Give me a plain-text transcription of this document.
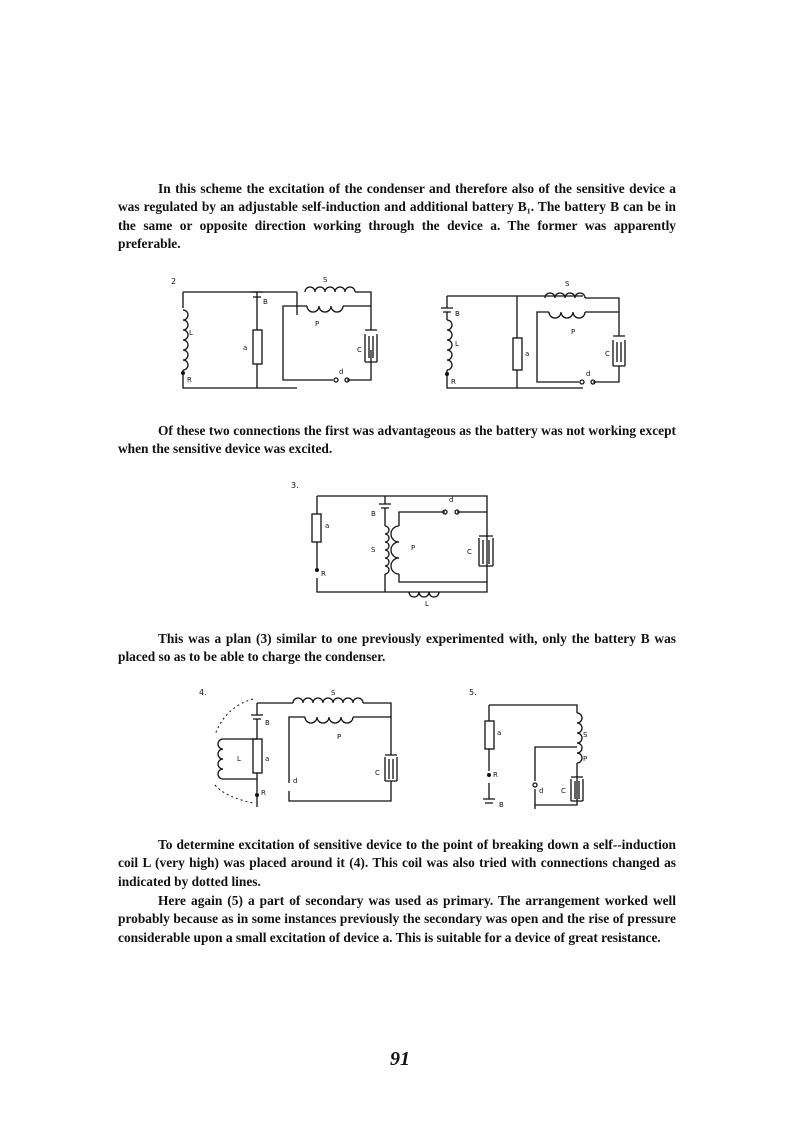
In this scheme the excitation of the condenser and therefore also of the sensitive device a was regulated by an adjustable self-induction and additional battery B₁. The battery B can be in the same or opposite direction working through the device a. The former was apparently preferable.

2
L
R
B
a
S
P
d
C
B
L
R
a
S
P
d
C

Of these two connections the first was advantageous as the battery was not working except when the sensitive device was excited.

3.
a
R
B
S	P
d
C
L

This was a plan (3) similar to one previously experimented with, only the battery B was placed so as to be able to charge the condenser.

4.	S
B
a
R
L
P
d
C
5.
a
R
B
S
P
d	C

To determine excitation of sensitive device to the point of breaking down a self--induction coil L (very high) was placed around it (4). This coil was also tried with connections changed as indicated by dotted lines.

Here again (5) a part of secondary was used as primary. The arrangement worked well probably because as in some instances previously the secondary was open and the rise of pressure considerable upon a small excitation of device a. This is suitable for a device of great resistance.

91
